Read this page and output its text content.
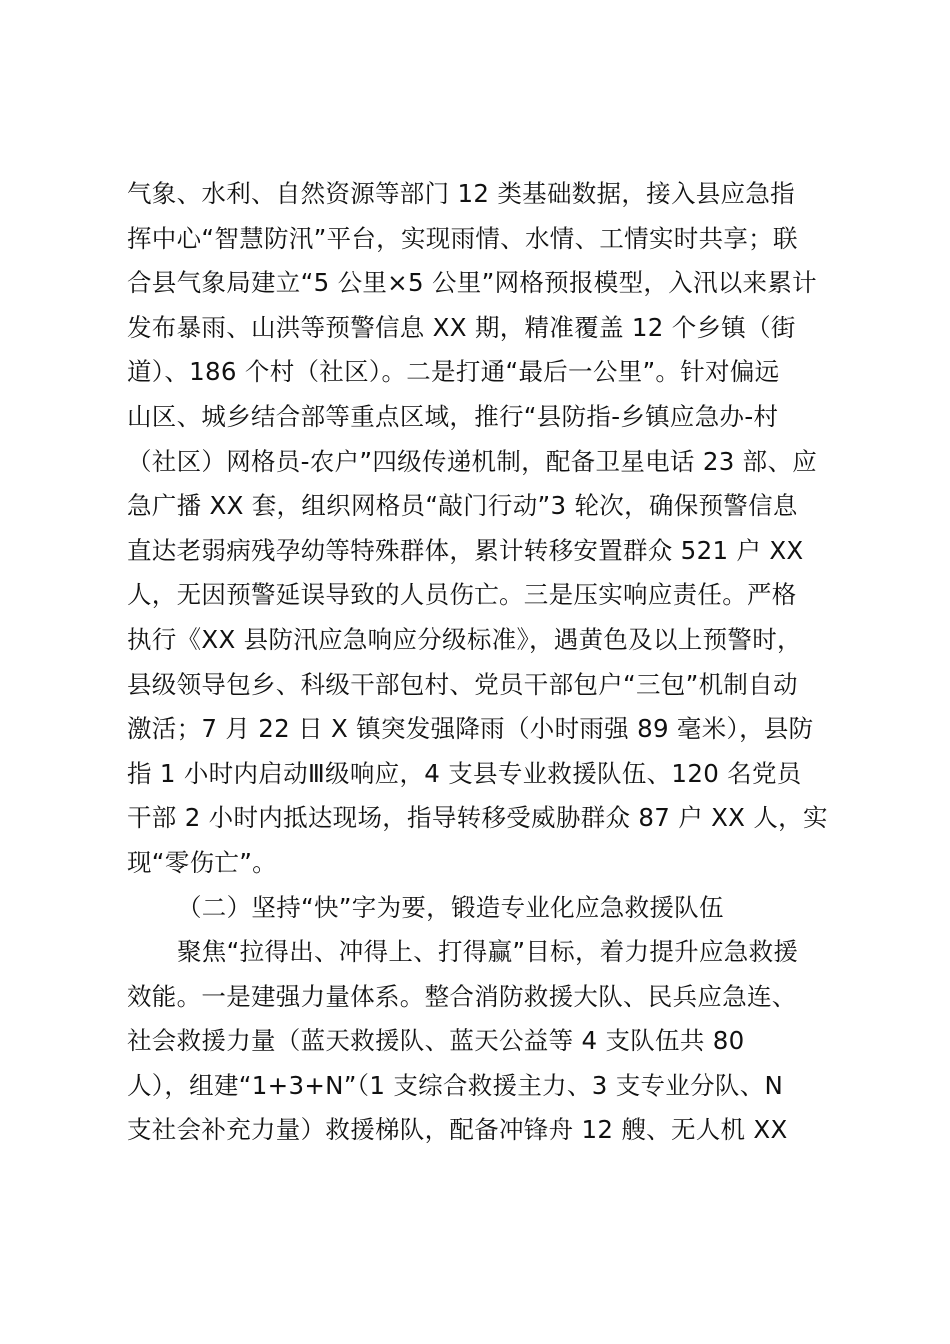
气象、水利、自然资源等部门 12 类基础数据，接入县应急指
挥中心“智慧防汛”平台，实现雨情、水情、工情实时共享；联
合县气象局建立“5 公里×5 公里”网格预报模型，入汛以来累计
发布暴雨、山洪等预警信息 XX 期，精准覆盖 12 个乡镇（街
道）、186 个村（社区）。二是打通“最后一公里”。针对偏远
山区、城乡结合部等重点区域，推行“县防指-乡镇应急办-村
（社区）网格员-农户”四级传递机制，配备卫星电话 23 部、应
急广播 XX 套，组织网格员“敲门行动”3 轮次，确保预警信息
直达老弱病残孕幼等特殊群体，累计转移安置群众 521 户 XX
人，无因预警延误导致的人员伤亡。三是压实响应责任。严格
执行《XX 县防汛应急响应分级标准》，遇黄色及以上预警时，
县级领导包乡、科级干部包村、党员干部包户“三包”机制自动
激活；7 月 22 日 X 镇突发强降雨（小时雨强 89 毫米），县防
指 1 小时内启动Ⅲ级响应，4 支县专业救援队伍、120 名党员
干部 2 小时内抵达现场，指导转移受威胁群众 87 户 XX 人，实
现“零伤亡”。
（二）坚持“快”字为要，锻造专业化应急救援队伍
聚焦“拉得出、冲得上、打得赢”目标，着力提升应急救援
效能。一是建强力量体系。整合消防救援大队、民兵应急连、
社会救援力量（蓝天救援队、蓝天公益等 4 支队伍共 80
人），组建“1+3+N”（1 支综合救援主力、3 支专业分队、N
支社会补充力量）救援梯队，配备冲锋舟 12 艘、无人机 XX
